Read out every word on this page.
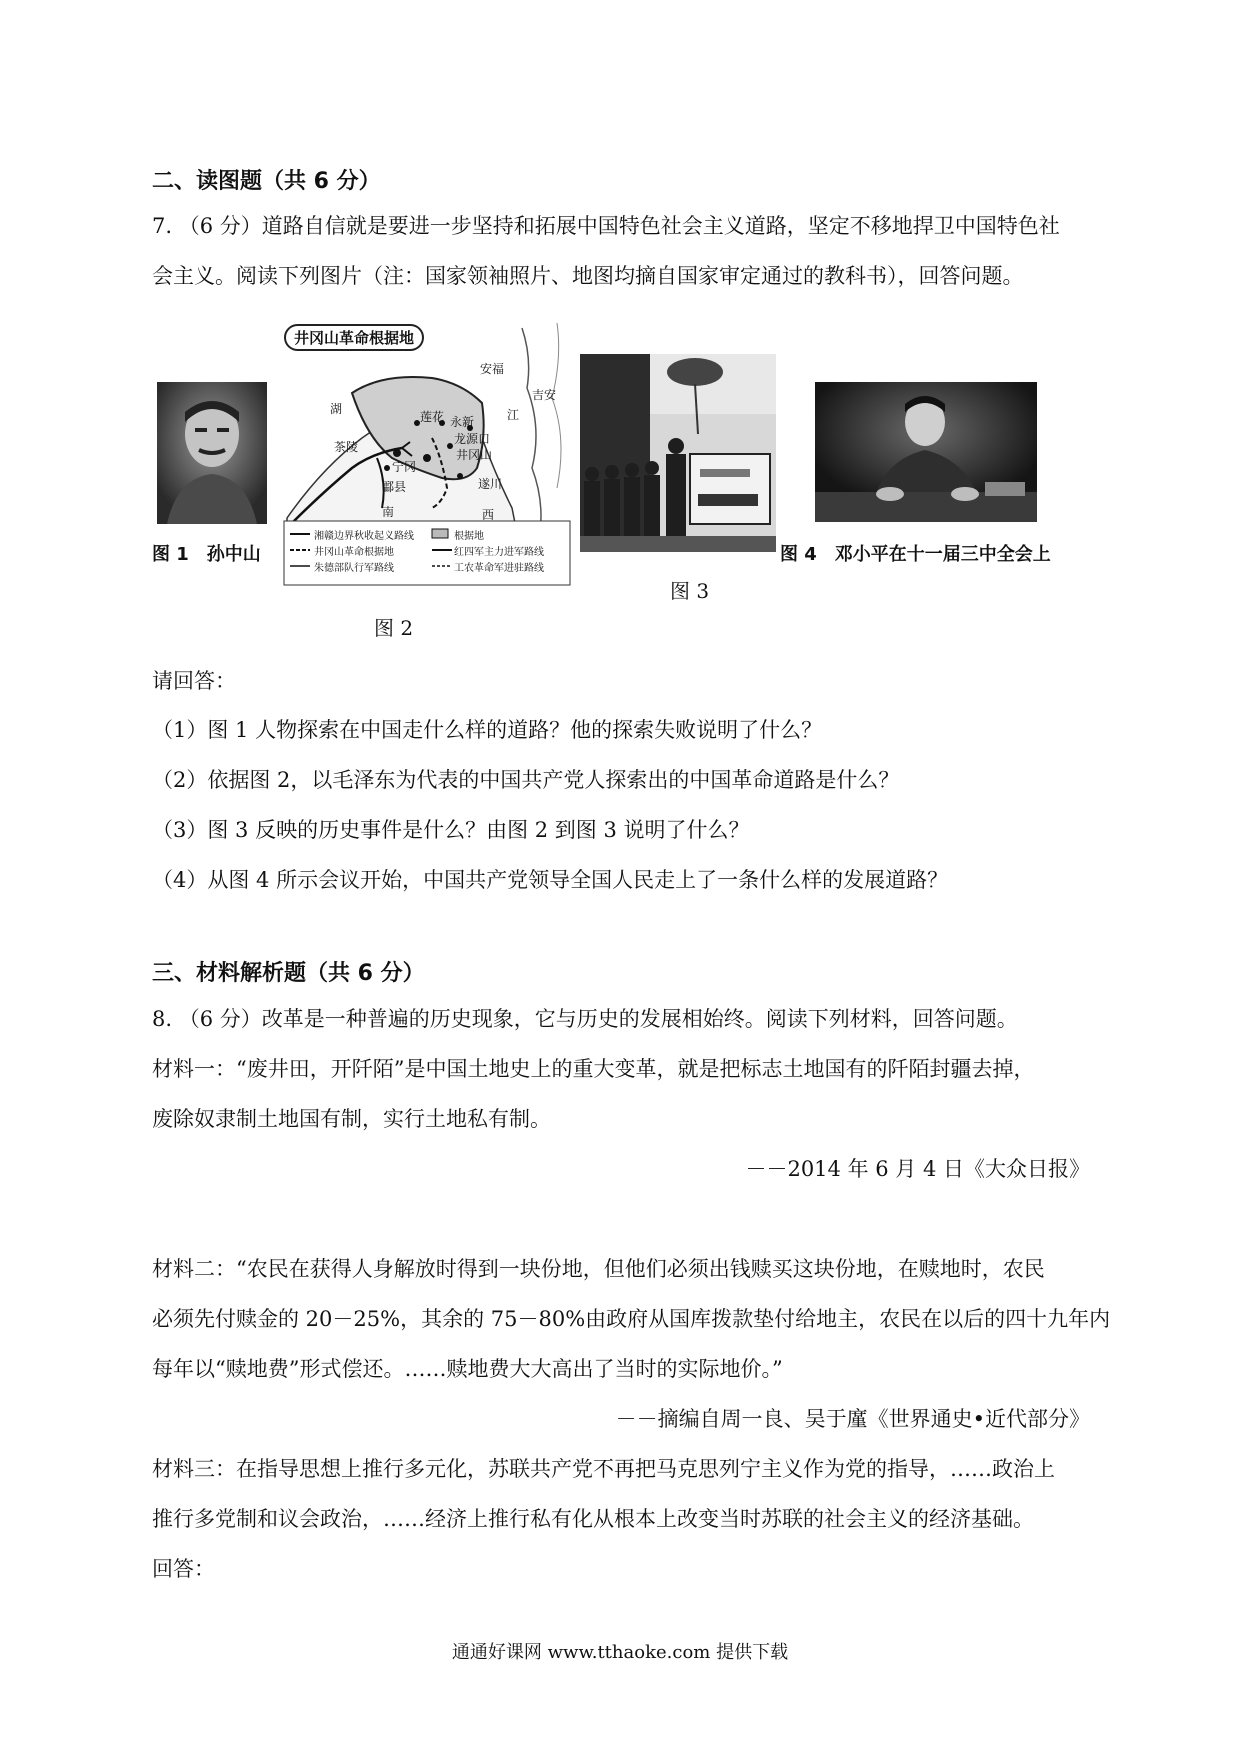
二、读图题（共 6 分）
7. （6 分）道路自信就是要进一步坚持和拓展中国特色社会主义道路，坚定不移地捍卫中国特色社
会主义。阅读下列图片（注：国家领袖照片、地图均摘自国家审定通过的教科书），回答问题。
图 1　孙中山
井冈山革命根据地
安福
江
吉安
湖
茶陵
莲花 永新
龙源口
宁冈
井冈山
酃县	遂川
南	西
湘赣边界秋收起义路线
井冈山革命根据地
朱德部队行军路线
根据地
红四军主力进军路线
工农革命军进驻路线
图 2
图 3
图 4　邓小平在十一届三中全会上
请回答：
（1）图 1 人物探索在中国走什么样的道路？他的探索失败说明了什么？
（2）依据图 2，以毛泽东为代表的中国共产党人探索出的中国革命道路是什么？
（3）图 3 反映的历史事件是什么？由图 2 到图 3 说明了什么？
（4）从图 4 所示会议开始，中国共产党领导全国人民走上了一条什么样的发展道路？
三、材料解析题（共 6 分）
8. （6 分）改革是一种普遍的历史现象，它与历史的发展相始终。阅读下列材料，回答问题。
材料一：“废井田，开阡陌”是中国土地史上的重大变革，就是把标志土地国有的阡陌封疆去掉，
废除奴隶制土地国有制，实行土地私有制。
－－2014 年 6 月 4 日《大众日报》
材料二：“农民在获得人身解放时得到一块份地，但他们必须出钱赎买这块份地，在赎地时，农民
必须先付赎金的 20－25%，其余的 75－80%由政府从国库拨款垫付给地主，农民在以后的四十九年内
每年以“赎地费”形式偿还。……赎地费大大高出了当时的实际地价。”
－－摘编自周一良、吴于廑《世界通史•近代部分》
材料三：在指导思想上推行多元化，苏联共产党不再把马克思列宁主义作为党的指导，……政治上
推行多党制和议会政治，……经济上推行私有化从根本上改变当时苏联的社会主义的经济基础。
回答：
通通好课网 www.tthaoke.com 提供下载
